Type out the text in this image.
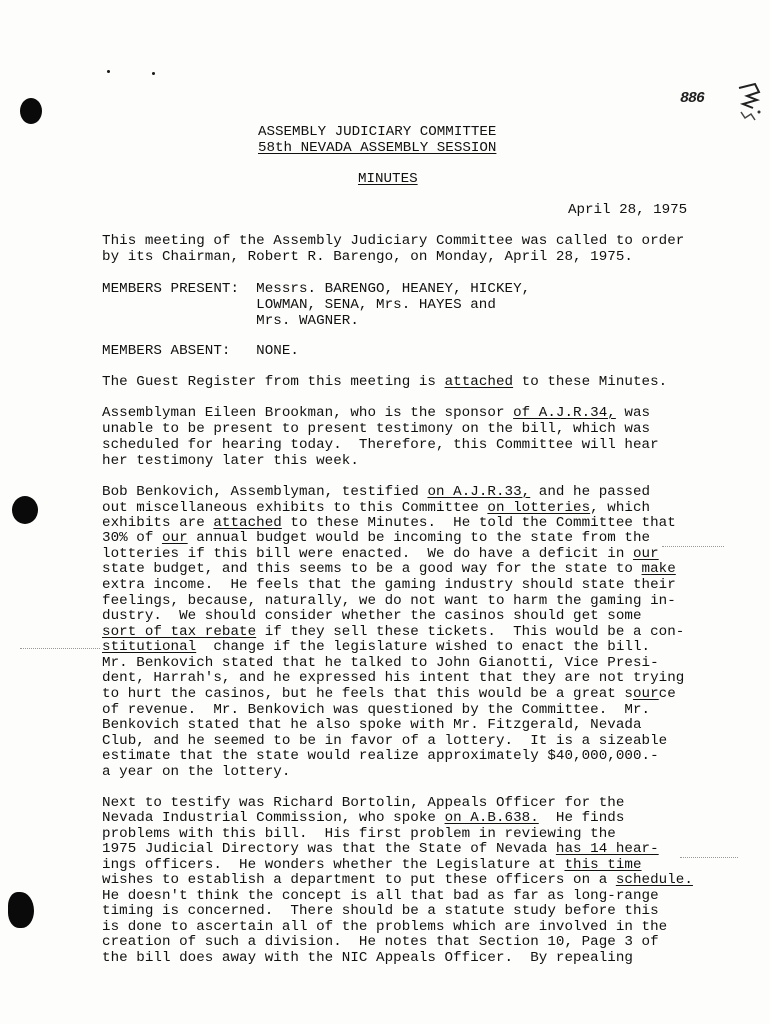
886
ASSEMBLY JUDICIARY COMMITTEE
58th NEVADA ASSEMBLY SESSION
MINUTES
April 28, 1975
This meeting of the Assembly Judiciary Committee was called to order
by its Chairman, Robert R. Barengo, on Monday, April 28, 1975.
MEMBERS PRESENT:  Messrs. BARENGO, HEANEY, HICKEY,
LOWMAN, SENA, Mrs. HAYES and
Mrs. WAGNER.
MEMBERS ABSENT:   NONE.
The Guest Register from this meeting is attached to these Minutes.
Assemblyman Eileen Brookman, who is the sponsor of A.J.R.34, was
unable to be present to present testimony on the bill, which was
scheduled for hearing today.  Therefore, this Committee will hear
her testimony later this week.
Bob Benkovich, Assemblyman, testified on A.J.R.33, and he passed
out miscellaneous exhibits to this Committee on lotteries, which
exhibits are attached to these Minutes.  He told the Committee that
30% of our annual budget would be incoming to the state from the
lotteries if this bill were enacted.  We do have a deficit in our
state budget, and this seems to be a good way for the state to make
extra income.  He feels that the gaming industry should state their
feelings, because, naturally, we do not want to harm the gaming in-
dustry.  We should consider whether the casinos should get some
sort of tax rebate if they sell these tickets.  This would be a con-
stitutional  change if the legislature wished to enact the bill.
Mr. Benkovich stated that he talked to John Gianotti, Vice Presi-
dent, Harrah's, and he expressed his intent that they are not trying
to hurt the casinos, but he feels that this would be a great source
of revenue.  Mr. Benkovich was questioned by the Committee.  Mr.
Benkovich stated that he also spoke with Mr. Fitzgerald, Nevada
Club, and he seemed to be in favor of a lottery.  It is a sizeable
estimate that the state would realize approximately $40,000,000.-
a year on the lottery.
Next to testify was Richard Bortolin, Appeals Officer for the
Nevada Industrial Commission, who spoke on A.B.638.  He finds
problems with this bill.  His first problem in reviewing the
1975 Judicial Directory was that the State of Nevada has 14 hear-
ings officers.  He wonders whether the Legislature at this time
wishes to establish a department to put these officers on a schedule.
He doesn't think the concept is all that bad as far as long-range
timing is concerned.  There should be a statute study before this
is done to ascertain all of the problems which are involved in the
creation of such a division.  He notes that Section 10, Page 3 of
the bill does away with the NIC Appeals Officer.  By repealing
